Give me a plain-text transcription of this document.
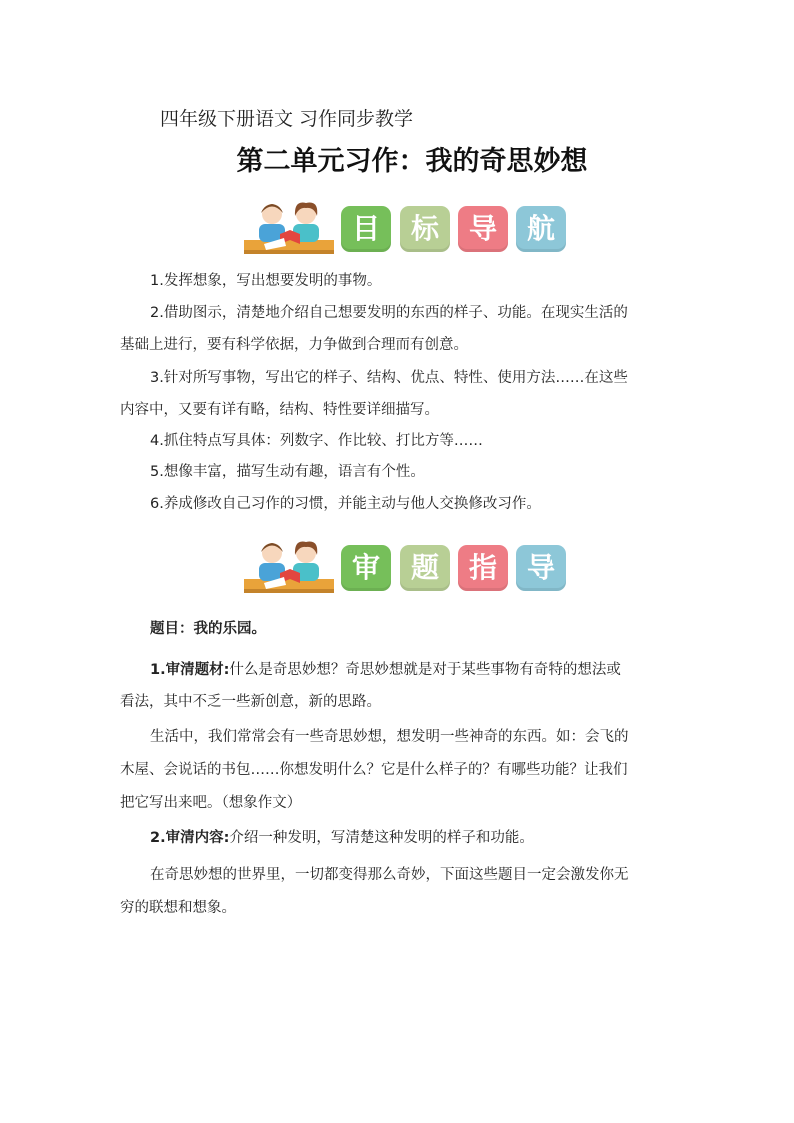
四年级下册语文 习作同步教学
第二单元习作：我的奇思妙想
目	标	导	航
1.发挥想象，写出想要发明的事物。
2.借助图示，清楚地介绍自己想要发明的东西的样子、功能。在现实生活的
基础上进行，要有科学依据，力争做到合理而有创意。
3.针对所写事物，写出它的样子、结构、优点、特性、使用方法……在这些
内容中，又要有详有略，结构、特性要详细描写。
4.抓住特点写具体：列数字、作比较、打比方等……
5.想像丰富，描写生动有趣，语言有个性。
6.养成修改自己习作的习惯，并能主动与他人交换修改习作。
审	题	指	导
题目：我的乐园。
1.审清题材:什么是奇思妙想？奇思妙想就是对于某些事物有奇特的想法或
看法，其中不乏一些新创意，新的思路。
生活中，我们常常会有一些奇思妙想，想发明一些神奇的东西。如：会飞的
木屋、会说话的书包……你想发明什么？它是什么样子的？有哪些功能？让我们
把它写出来吧。（想象作文）
2.审清内容:介绍一种发明，写清楚这种发明的样子和功能。
在奇思妙想的世界里，一切都变得那么奇妙，下面这些题目一定会激发你无
穷的联想和想象。
